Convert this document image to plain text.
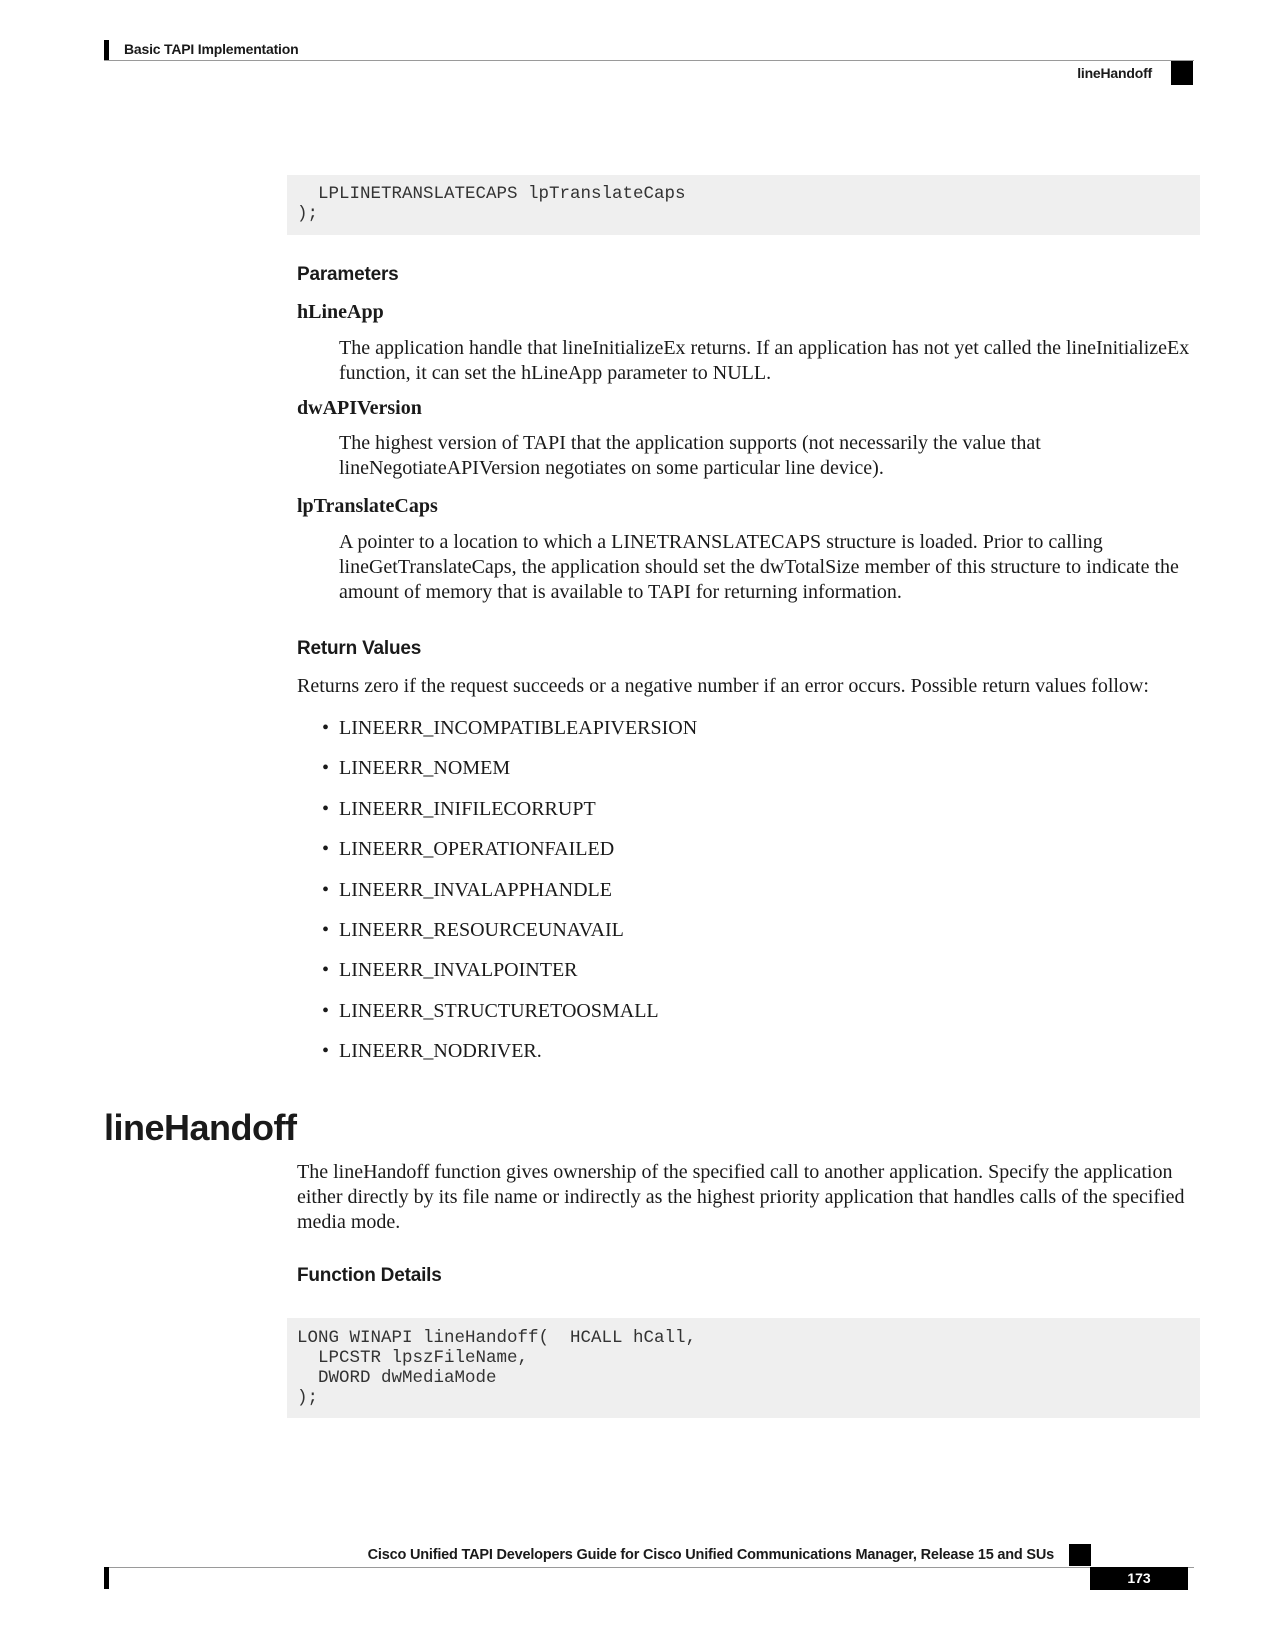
Basic TAPI Implementation
lineHandoff
LPLINETRANSLATECAPS lpTranslateCaps
);
Parameters
hLineApp
The application handle that lineInitializeEx returns. If an application has not yet called the lineInitializeEx function, it can set the hLineApp parameter to NULL.
dwAPIVersion
The highest version of TAPI that the application supports (not necessarily the value that lineNegotiateAPIVersion negotiates on some particular line device).
lpTranslateCaps
A pointer to a location to which a LINETRANSLATECAPS structure is loaded. Prior to calling lineGetTranslateCaps, the application should set the dwTotalSize member of this structure to indicate the amount of memory that is available to TAPI for returning information.
Return Values
Returns zero if the request succeeds or a negative number if an error occurs. Possible return values follow:
• LINEERR_INCOMPATIBLEAPIVERSION
• LINEERR_NOMEM
• LINEERR_INIFILECORRUPT
• LINEERR_OPERATIONFAILED
• LINEERR_INVALAPPHANDLE
• LINEERR_RESOURCEUNAVAIL
• LINEERR_INVALPOINTER
• LINEERR_STRUCTURETOOSMALL
• LINEERR_NODRIVER.
lineHandoff
The lineHandoff function gives ownership of the specified call to another application. Specify the application either directly by its file name or indirectly as the highest priority application that handles calls of the specified media mode.
Function Details
LONG WINAPI lineHandoff(  HCALL hCall,
LPCSTR lpszFileName,
DWORD dwMediaMode
);
Cisco Unified TAPI Developers Guide for Cisco Unified Communications Manager, Release 15 and SUs
173
